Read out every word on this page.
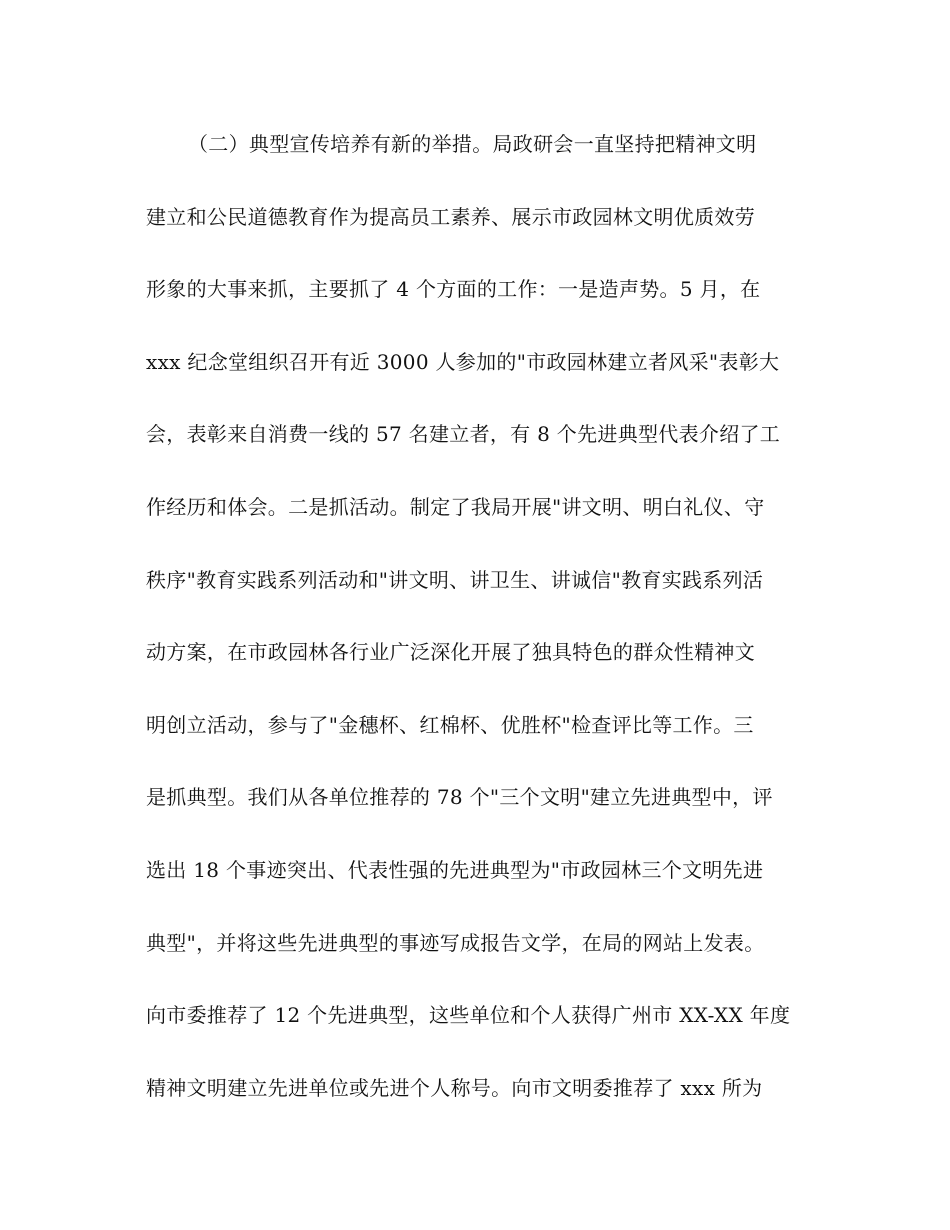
（二）典型宣传培养有新的举措。局政研会一直坚持把精神文明
建立和公民道德教育作为提高员工素养、展示市政园林文明优质效劳
形象的大事来抓，主要抓了 4 个方面的工作：一是造声势。5 月，在
xxx 纪念堂组织召开有近 3000 人参加的"市政园林建立者风采"表彰大
会，表彰来自消费一线的 57 名建立者，有 8 个先进典型代表介绍了工
作经历和体会。二是抓活动。制定了我局开展"讲文明、明白礼仪、守
秩序"教育实践系列活动和"讲文明、讲卫生、讲诚信"教育实践系列活
动方案，在市政园林各行业广泛深化开展了独具特色的群众性精神文
明创立活动，参与了"金穗杯、红棉杯、优胜杯"检查评比等工作。三
是抓典型。我们从各单位推荐的 78 个"三个文明"建立先进典型中，评
选出 18 个事迹突出、代表性强的先进典型为"市政园林三个文明先进
典型"，并将这些先进典型的事迹写成报告文学，在局的网站上发表。
向市委推荐了 12 个先进典型，这些单位和个人获得广州市 XX-XX 年度
精神文明建立先进单位或先进个人称号。向市文明委推荐了 xxx 所为
